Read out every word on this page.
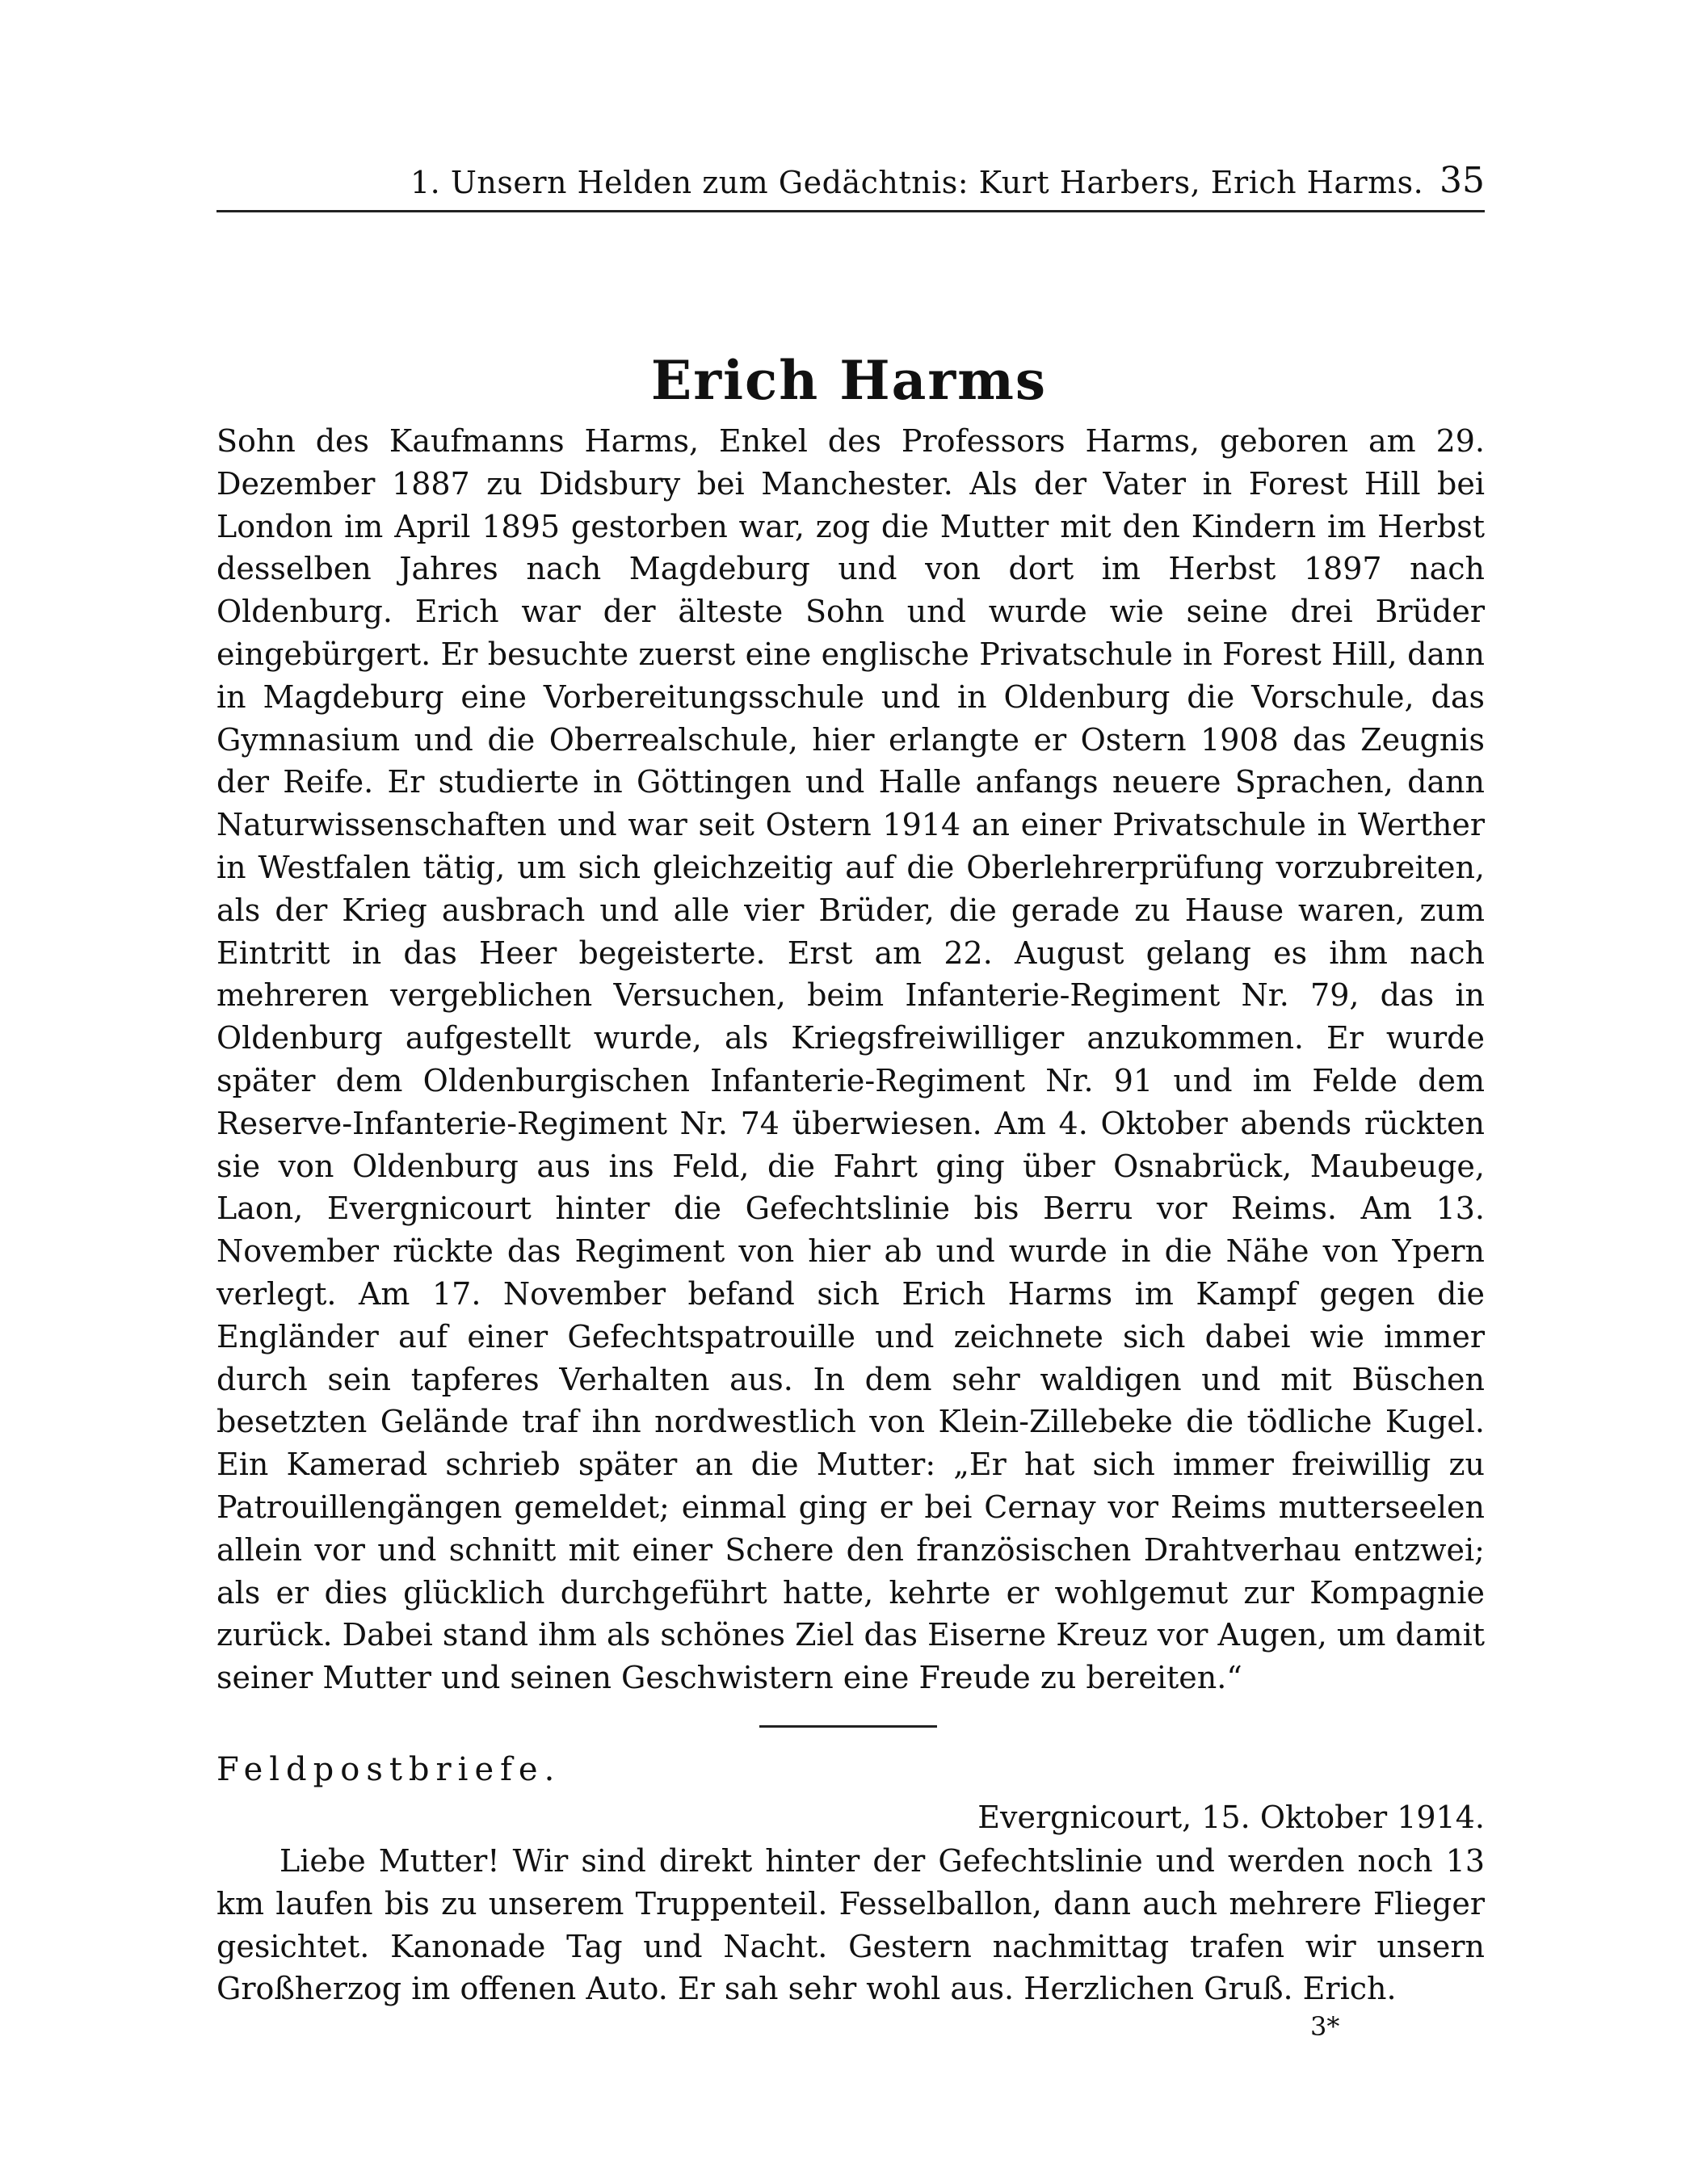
1. Unsern Helden zum Gedächtnis: Kurt Harbers, Erich Harms. 35
Erich Harms
Sohn des Kaufmanns Harms, Enkel des Professors Harms, geboren am 29. Dezember 1887 zu Didsbury bei Manchester. Als der Vater in Forest Hill bei London im April 1895 gestorben war, zog die Mutter mit den Kindern im Herbst desselben Jahres nach Magdeburg und von dort im Herbst 1897 nach Oldenburg. Erich war der älteste Sohn und wurde wie seine drei Brüder eingebürgert. Er besuchte zuerst eine englische Privatschule in Forest Hill, dann in Magdeburg eine Vorbereitungsschule und in Oldenburg die Vorschule, das Gymnasium und die Oberrealschule, hier erlangte er Ostern 1908 das Zeugnis der Reife. Er studierte in Göttingen und Halle anfangs neuere Sprachen, dann Naturwissenschaften und war seit Ostern 1914 an einer Privatschule in Werther in Westfalen tätig, um sich gleichzeitig auf die Oberlehrerprüfung vorzubreiten, als der Krieg ausbrach und alle vier Brüder, die gerade zu Hause waren, zum Eintritt in das Heer begeisterte. Erst am 22. August gelang es ihm nach mehreren vergeblichen Versuchen, beim Infanterie-Regiment Nr. 79, das in Oldenburg aufgestellt wurde, als Kriegsfreiwilliger anzukommen. Er wurde später dem Oldenburgischen Infanterie-Regiment Nr. 91 und im Felde dem Reserve-Infanterie-Regiment Nr. 74 überwiesen. Am 4. Oktober abends rückten sie von Oldenburg aus ins Feld, die Fahrt ging über Osnabrück, Maubeuge, Laon, Evergnicourt hinter die Gefechtslinie bis Berru vor Reims. Am 13. November rückte das Regiment von hier ab und wurde in die Nähe von Ypern verlegt. Am 17. November befand sich Erich Harms im Kampf gegen die Engländer auf einer Gefechtspatrouille und zeichnete sich dabei wie immer durch sein tapferes Verhalten aus. In dem sehr waldigen und mit Büschen besetzten Gelände traf ihn nordwestlich von Klein-Zillebeke die tödliche Kugel. Ein Kamerad schrieb später an die Mutter: „Er hat sich immer freiwillig zu Patrouillengängen gemeldet; einmal ging er bei Cernay vor Reims mutterseelen allein vor und schnitt mit einer Schere den französischen Drahtverhau entzwei; als er dies glücklich durchgeführt hatte, kehrte er wohlgemut zur Kompagnie zurück. Dabei stand ihm als schönes Ziel das Eiserne Kreuz vor Augen, um damit seiner Mutter und seinen Geschwistern eine Freude zu bereiten.“
Feldpostbriefe.
Evergnicourt, 15. Oktober 1914.
Liebe Mutter! Wir sind direkt hinter der Gefechtslinie und werden noch 13 km laufen bis zu unserem Truppenteil. Fesselballon, dann auch mehrere Flieger gesichtet. Kanonade Tag und Nacht. Gestern nachmittag trafen wir unsern Großherzog im offenen Auto. Er sah sehr wohl aus. Herzlichen Gruß. Erich.
3*
